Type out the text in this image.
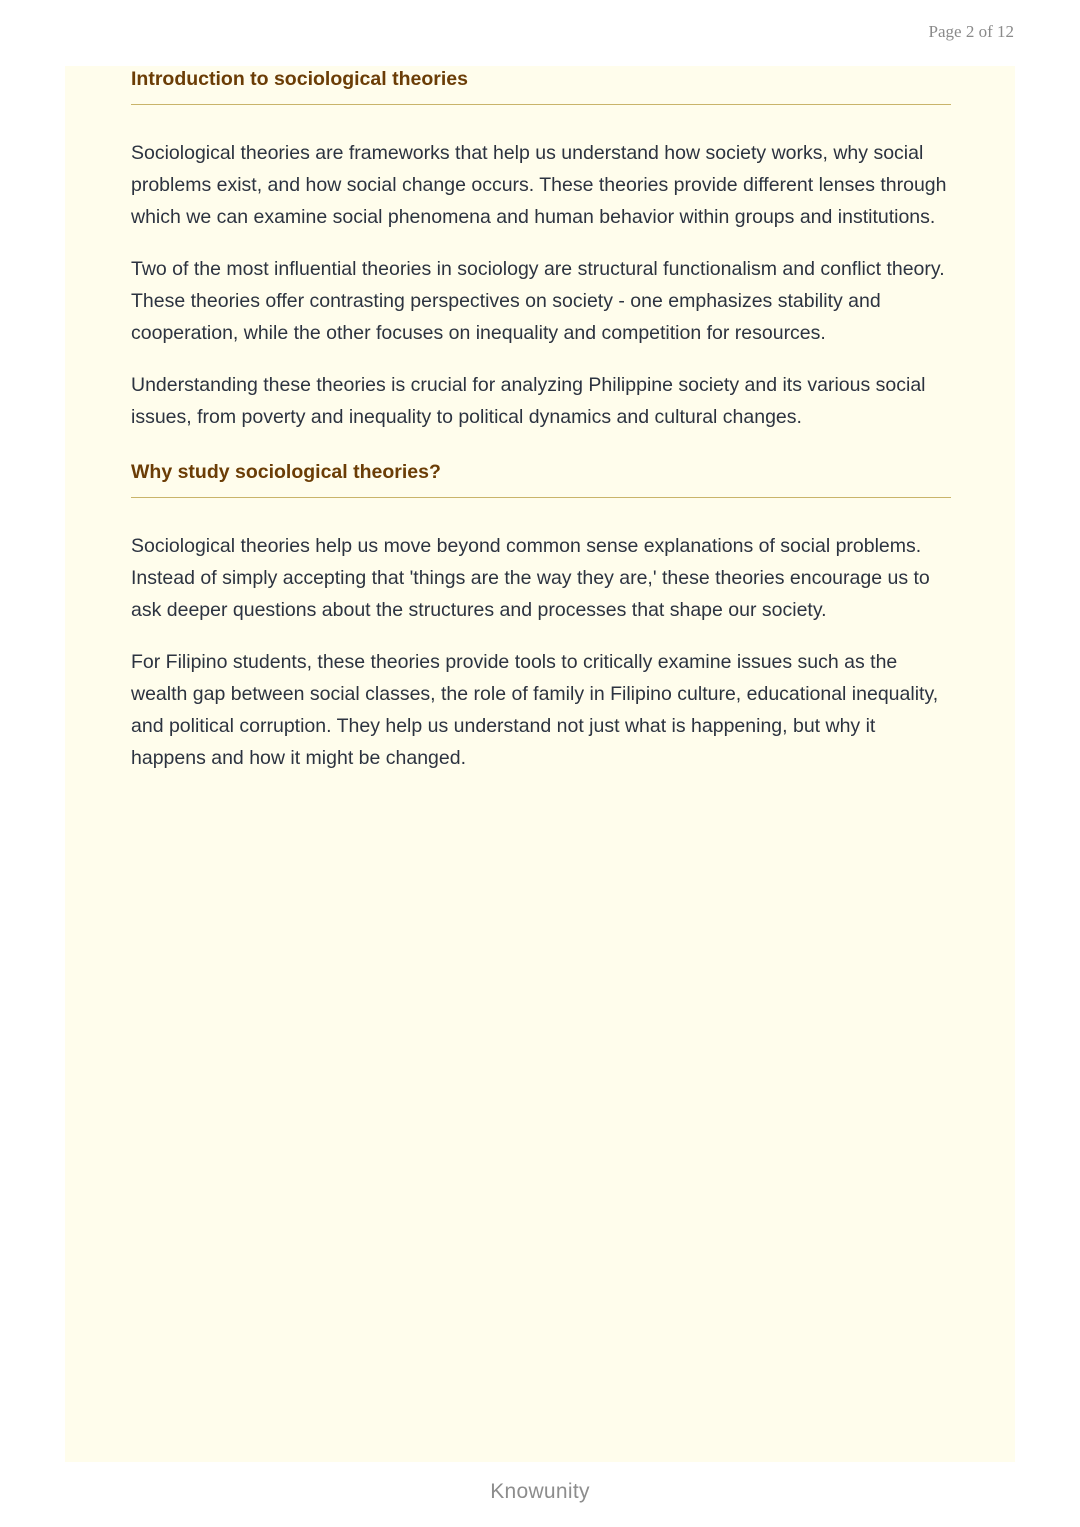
Page 2 of 12
Introduction to sociological theories

Sociological theories are frameworks that help us understand how society works, why social problems exist, and how social change occurs. These theories provide different lenses through which we can examine social phenomena and human behavior within groups and institutions.

Two of the most influential theories in sociology are structural functionalism and conflict theory. These theories offer contrasting perspectives on society - one emphasizes stability and cooperation, while the other focuses on inequality and competition for resources.

Understanding these theories is crucial for analyzing Philippine society and its various social issues, from poverty and inequality to political dynamics and cultural changes.

Why study sociological theories?

Sociological theories help us move beyond common sense explanations of social problems. Instead of simply accepting that 'things are the way they are,' these theories encourage us to ask deeper questions about the structures and processes that shape our society.

For Filipino students, these theories provide tools to critically examine issues such as the wealth gap between social classes, the role of family in Filipino culture, educational inequality, and political corruption. They help us understand not just what is happening, but why it happens and how it might be changed.

Knowunity
